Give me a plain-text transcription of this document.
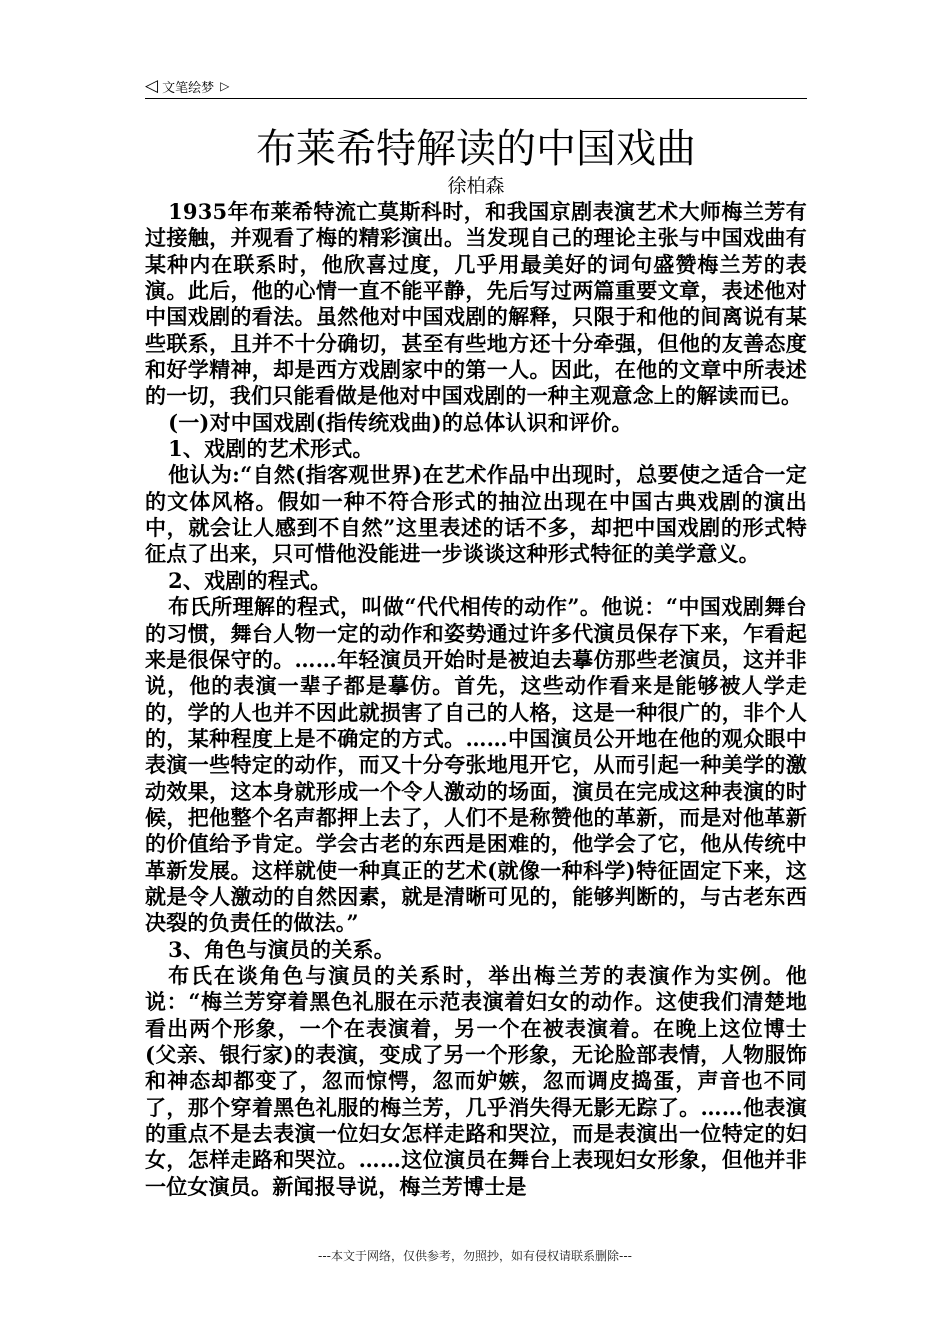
◁ 文笔绘梦 ▷
布莱希特解读的中国戏曲
徐柏森

1935年布莱希特流亡莫斯科时，和我国京剧表演艺术大师梅兰芳有过接触，并观看了梅的精彩演出。当发现自己的理论主张与中国戏曲有某种内在联系时，他欣喜过度，几乎用最美好的词句盛赞梅兰芳的表演。此后，他的心情一直不能平静，先后写过两篇重要文章，表述他对中国戏剧的看法。虽然他对中国戏剧的解释，只限于和他的间离说有某些联系，且并不十分确切，甚至有些地方还十分牵强，但他的友善态度和好学精神，却是西方戏剧家中的第一人。因此，在他的文章中所表述的一切，我们只能看做是他对中国戏剧的一种主观意念上的解读而已。

(一)对中国戏剧(指传统戏曲)的总体认识和评价。

1、戏剧的艺术形式。

他认为:“自然(指客观世界)在艺术作品中出现时，总要使之适合一定的文体风格。假如一种不符合形式的抽泣出现在中国古典戏剧的演出中，就会让人感到不自然”这里表述的话不多，却把中国戏剧的形式特征点了出来，只可惜他没能进一步谈谈这种形式特征的美学意义。

2、戏剧的程式。

布氏所理解的程式，叫做“代代相传的动作”。他说：“中国戏剧舞台的习惯，舞台人物一定的动作和姿势通过许多代演员保存下来，乍看起来是很保守的。……年轻演员开始时是被迫去摹仿那些老演员，这并非说，他的表演一辈子都是摹仿。首先，这些动作看来是能够被人学走的，学的人也并不因此就损害了自己的人格，这是一种很广的，非个人的，某种程度上是不确定的方式。……中国演员公开地在他的观众眼中表演一些特定的动作，而又十分夸张地甩开它，从而引起一种美学的激动效果，这本身就形成一个令人激动的场面，演员在完成这种表演的时候，把他整个名声都押上去了，人们不是称赞他的革新，而是对他革新的价值给予肯定。学会古老的东西是困难的，他学会了它，他从传统中革新发展。这样就使一种真正的艺术(就像一种科学)特征固定下来，这就是令人激动的自然因素，就是清晰可见的，能够判断的，与古老东西决裂的负责任的做法。”

3、角色与演员的关系。

布氏在谈角色与演员的关系时，举出梅兰芳的表演作为实例。他说：“梅兰芳穿着黑色礼服在示范表演着妇女的动作。这使我们清楚地看出两个形象，一个在表演着，另一个在被表演着。在晚上这位博士(父亲、银行家)的表演，变成了另一个形象，无论脸部表情，人物服饰和神态却都变了，忽而惊愕，忽而妒嫉，忽而调皮捣蛋，声音也不同了，那个穿着黑色礼服的梅兰芳，几乎消失得无影无踪了。……他表演的重点不是去表演一位妇女怎样走路和哭泣，而是表演出一位特定的妇女，怎样走路和哭泣。……这位演员在舞台上表现妇女形象，但他并非一位女演员。新闻报导说，梅兰芳博士是

---本文于网络，仅供参考，勿照抄，如有侵权请联系删除---
